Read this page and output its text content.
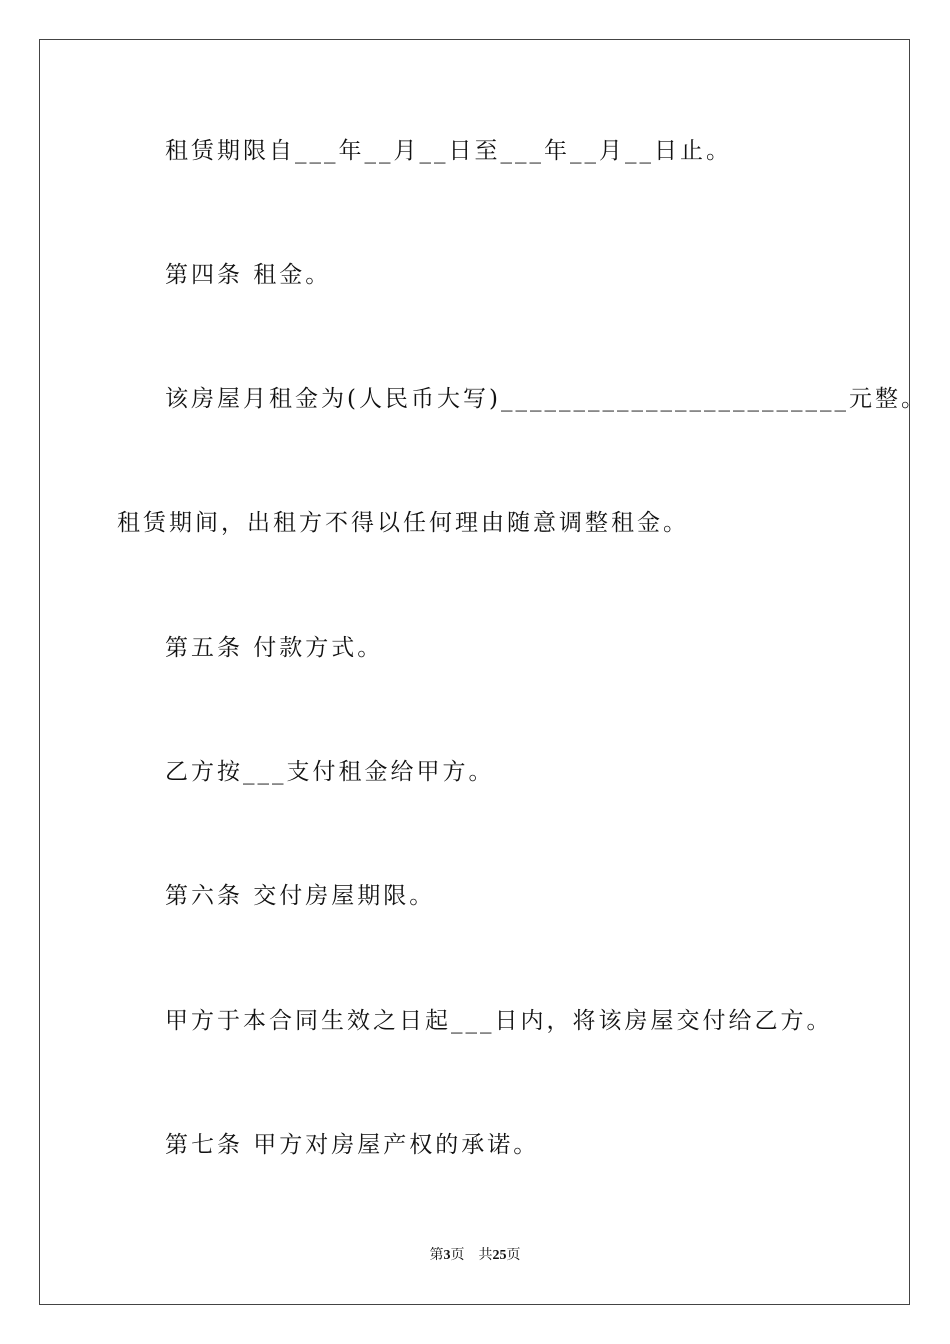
租赁期限自___年__月__日至___年__月__日止。

第四条 租金。

该房屋月租金为(人民币大写)________________________元整。

租赁期间，出租方不得以任何理由随意调整租金。

第五条 付款方式。

乙方按___支付租金给甲方。

第六条 交付房屋期限。

甲方于本合同生效之日起___日内，将该房屋交付给乙方。

第七条 甲方对房屋产权的承诺。

第3页 共25页
